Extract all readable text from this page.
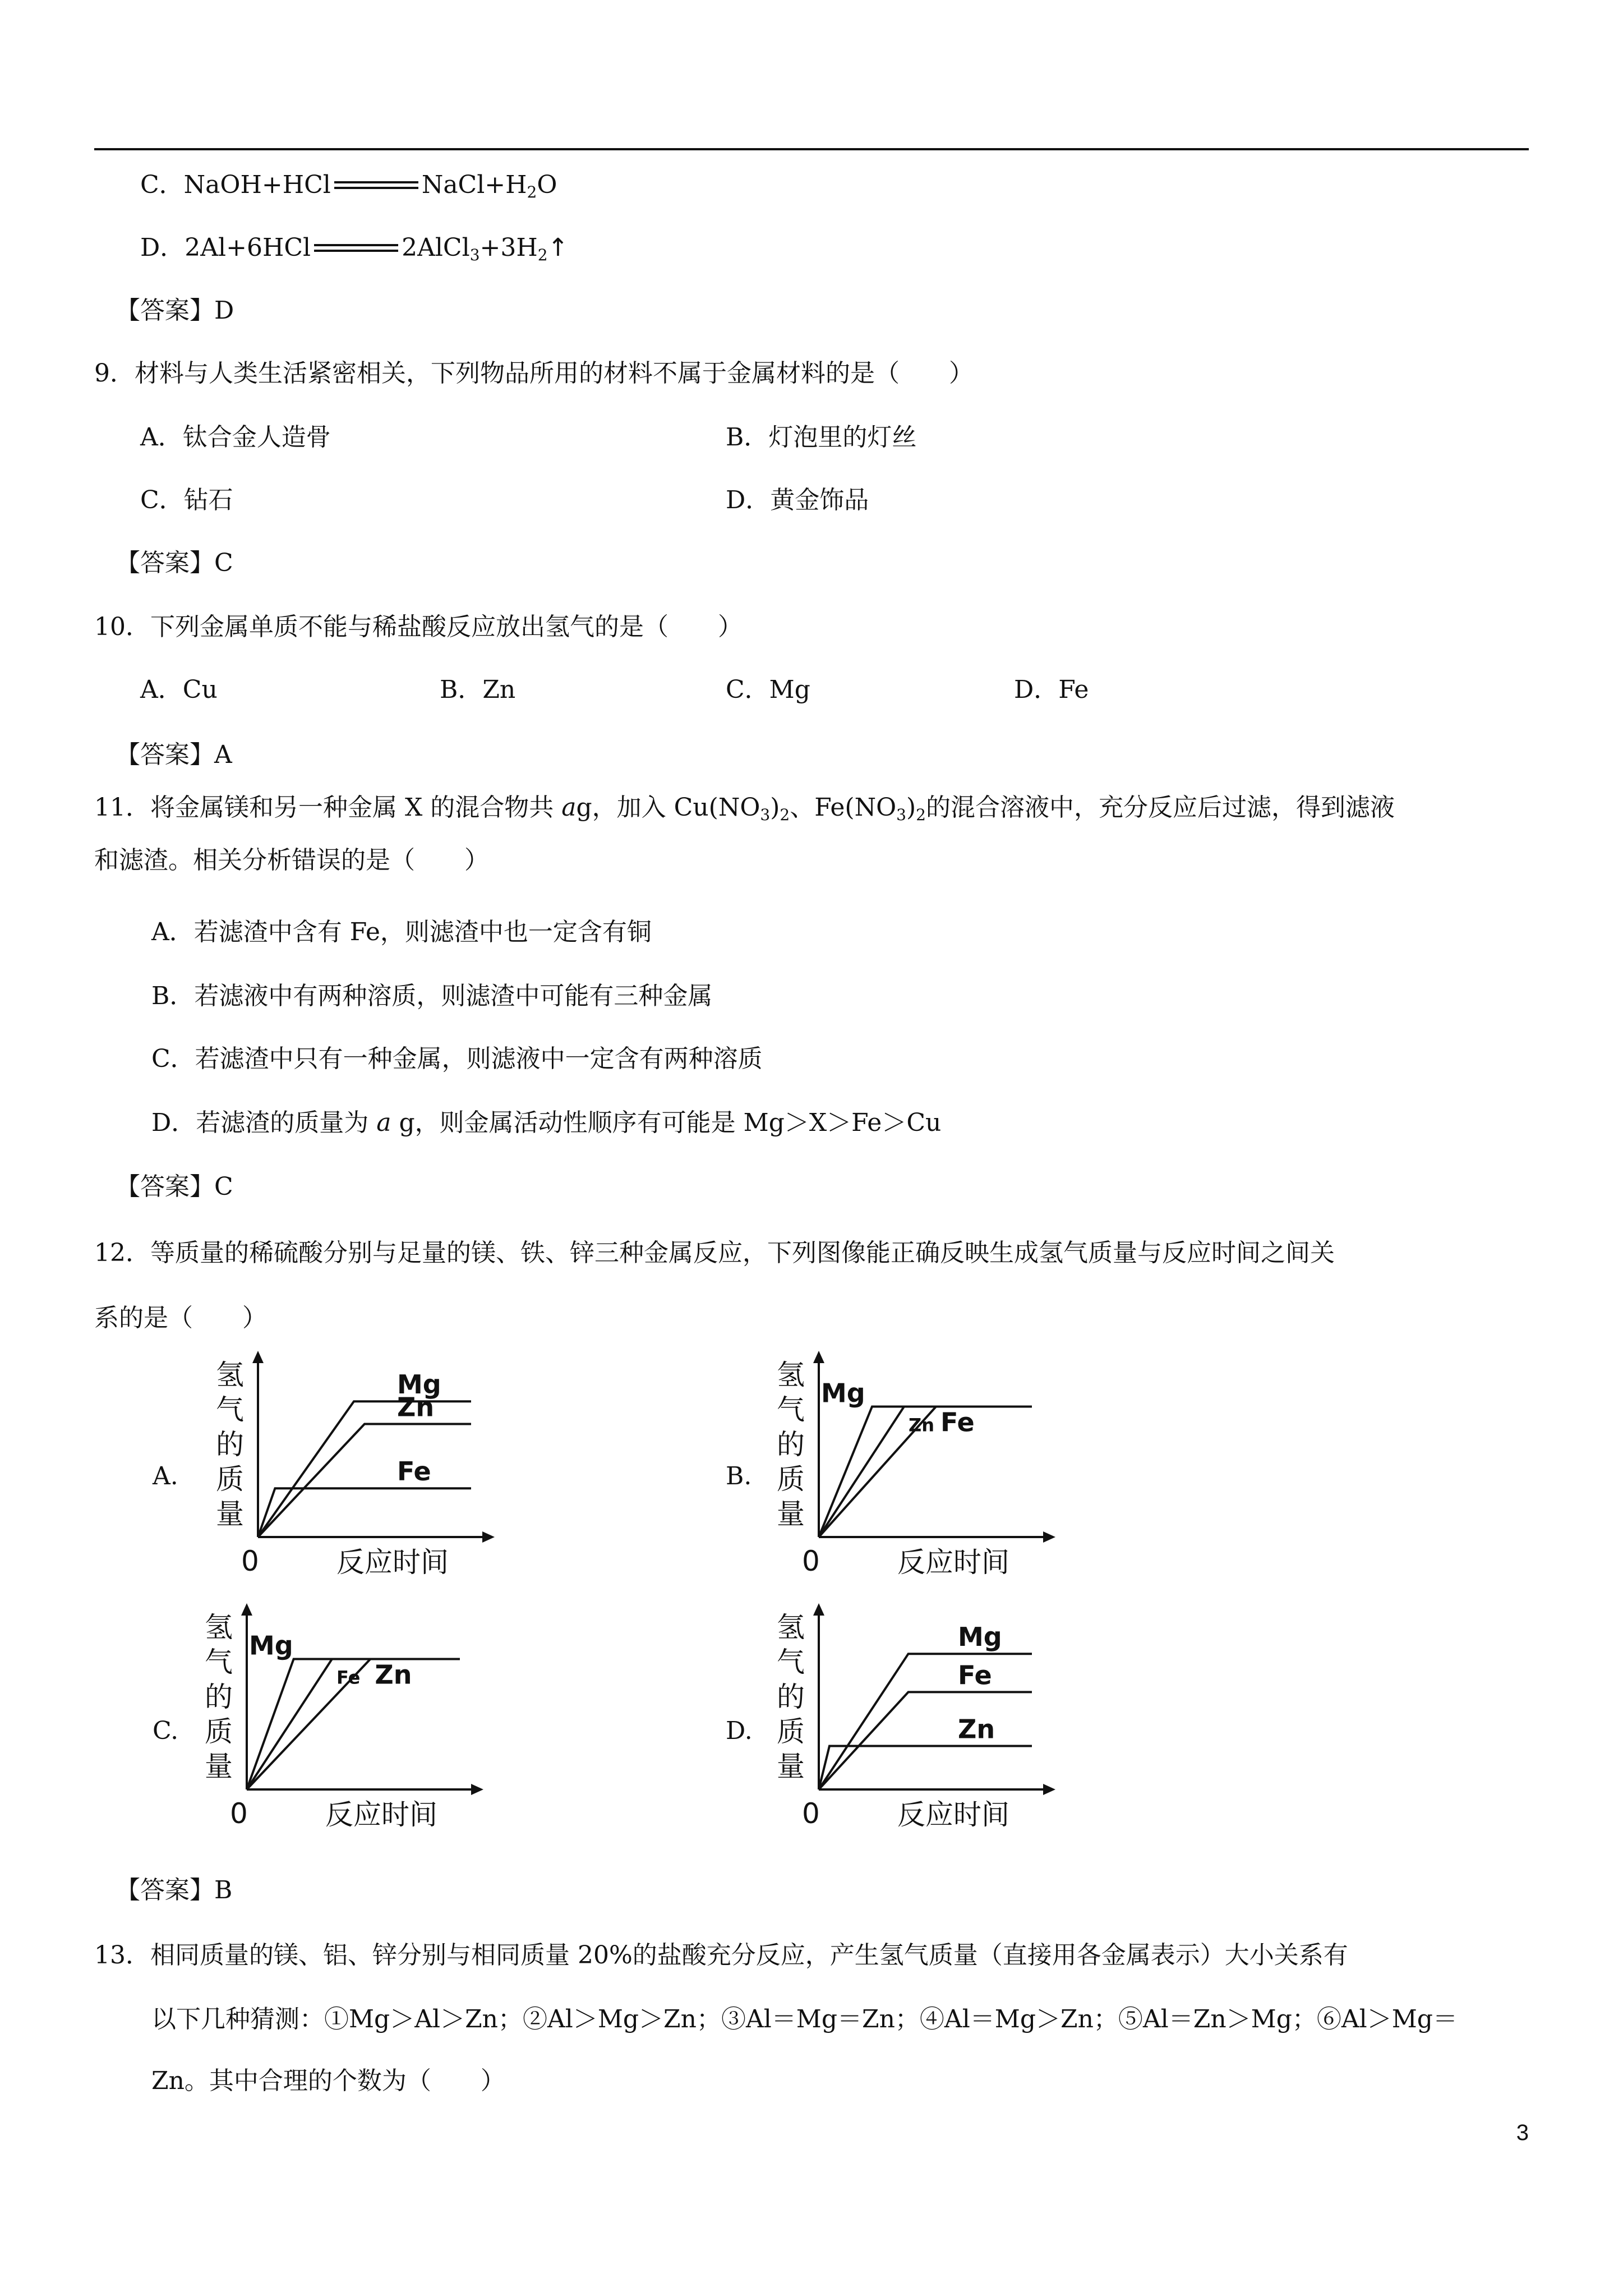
C．NaOH+HCl	$NaCl+H_2O$
D．2Al+6HCl	$2AlCl_3+3H_2↑$
【答案】D
9．材料与人类生活紧密相关，下列物品所用的材料不属于金属材料的是（　　）
A．钛合金人造骨	B．灯泡里的灯丝
C．钻石	D．黄金饰品
【答案】C
10．下列金属单质不能与稀盐酸反应放出氢气的是（　　）
A．Cu	B．Zn	C．Mg	D．Fe
【答案】A
11．将金属镁和另一种金属 X 的混合物共 ag，加入 $Cu(NO_3)_2$、$Fe(NO_3)_2$的混合溶液中，充分反应后过滤，得到滤液
和滤渣。相关分析错误的是（　　）
A．若滤渣中含有 Fe，则滤渣中也一定含有铜
B．若滤液中有两种溶质，则滤渣中可能有三种金属
C．若滤渣中只有一种金属，则滤液中一定含有两种溶质
D．若滤渣的质量为 a g，则金属活动性顺序有可能是 Mg＞X＞Fe＞Cu
【答案】C
12．等质量的稀硫酸分别与足量的镁、铁、锌三种金属反应，下列图像能正确反映生成氢气质量与反应时间之间关
系的是（　　）
A.
氢气的质量
0	反应时间
Mg
Zn
Fe	B.
氢气的质量
0	反应时间
Mg
Zn Fe
C.
氢气的质量
0	反应时间
Mg
Fe Zn
D.
氢气的质量
0	反应时间
Mg
Fe
Zn
【答案】B
13．相同质量的镁、铝、锌分别与相同质量 20%的盐酸充分反应，产生氢气质量（直接用各金属表示）大小关系有
以下几种猜测：①Mg＞Al＞Zn；②Al＞Mg＞Zn；③Al＝Mg＝Zn；④Al＝Mg＞Zn；⑤Al＝Zn＞Mg；⑥Al＞Mg＝
Zn。其中合理的个数为（　　）
3
